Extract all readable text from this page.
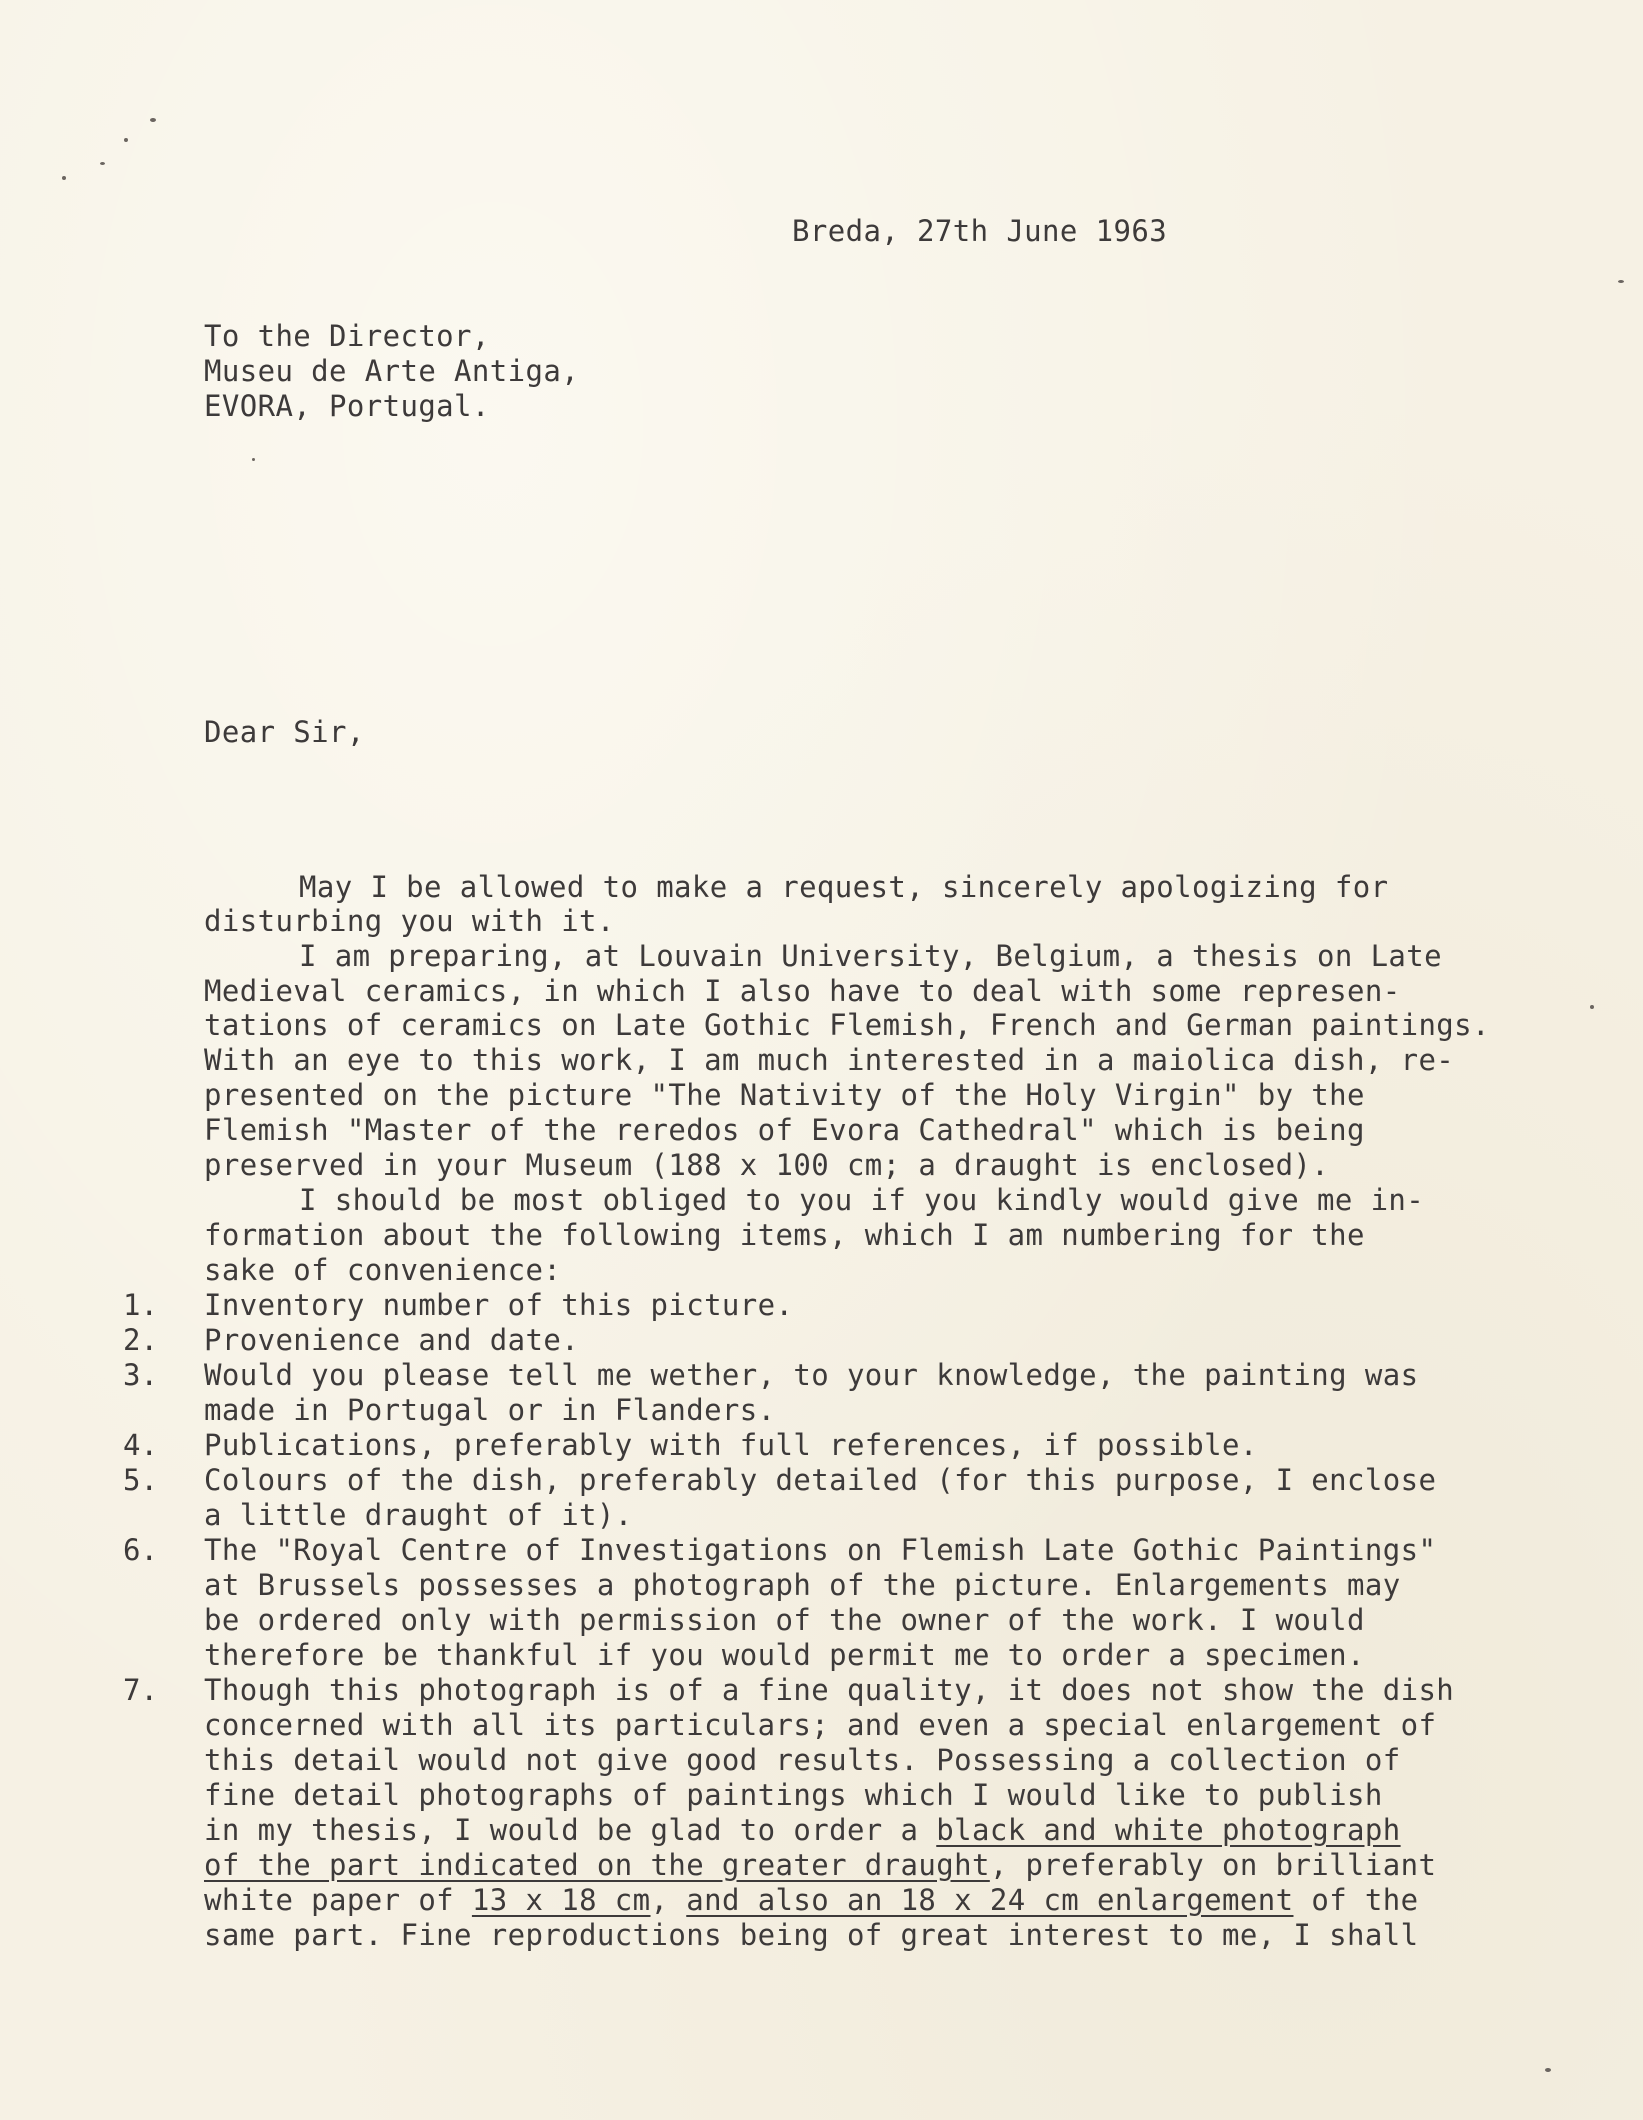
Breda, 27th June 1963
To the Director,
Museu de Arte Antiga,
EVORA, Portugal.
Dear Sir,
May I be allowed to make a request, sincerely apologizing for
disturbing you with it.
I am preparing, at Louvain University, Belgium, a thesis on Late
Medieval ceramics, in which I also have to deal with some represen-
tations of ceramics on Late Gothic Flemish, French and German paintings.
With an eye to this work, I am much interested in a maiolica dish, re-
presented on the picture "The Nativity of the Holy Virgin" by the
Flemish "Master of the reredos of Evora Cathedral" which is being
preserved in your Museum (188 x 100 cm; a draught is enclosed).
I should be most obliged to you if you kindly would give me in-
formation about the following items, which I am numbering for the
sake of convenience:
1. Inventory number of this picture.
2. Provenience and date.
3. Would you please tell me wether, to your knowledge, the painting was
made in Portugal or in Flanders.
4. Publications, preferably with full references, if possible.
5. Colours of the dish, preferably detailed (for this purpose, I enclose
a little draught of it).
6. The "Royal Centre of Investigations on Flemish Late Gothic Paintings"
at Brussels possesses a photograph of the picture. Enlargements may
be ordered only with permission of the owner of the work. I would
therefore be thankful if you would permit me to order a specimen.
7. Though this photograph is of a fine quality, it does not show the dish
concerned with all its particulars; and even a special enlargement of
this detail would not give good results. Possessing a collection of
fine detail photographs of paintings which I would like to publish
in my thesis, I would be glad to order a black and white photograph
of the part indicated on the greater draught, preferably on brilliant
white paper of 13 x 18 cm, and also an 18 x 24 cm enlargement of the
same part. Fine reproductions being of great interest to me, I shall
